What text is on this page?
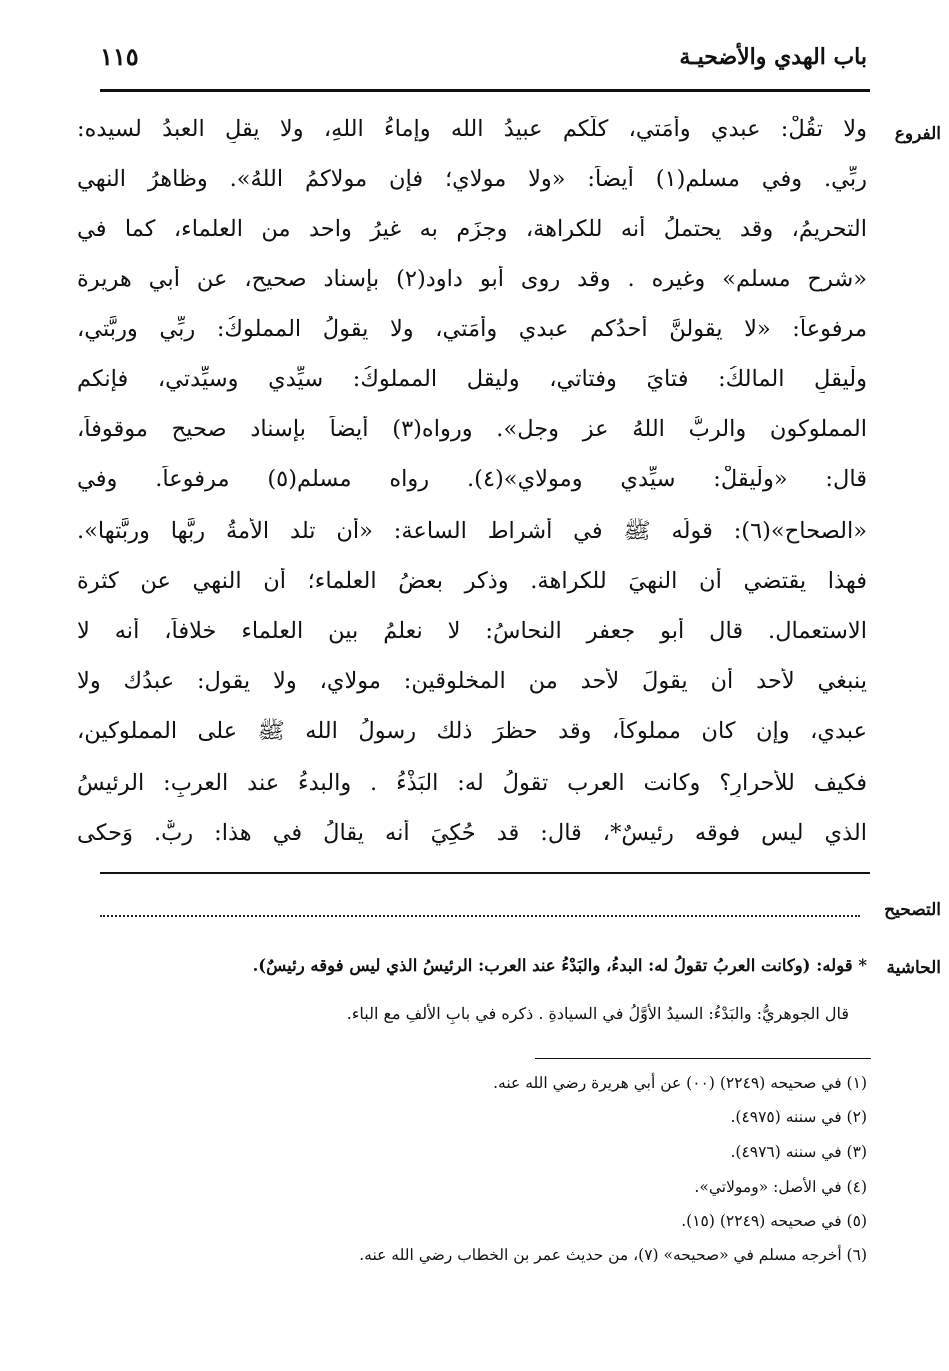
باب الهدي والأضحيـة
١١٥
الفروع
التصحيح
الحاشية
ولا تقُلْ: عبدي وأَمَتي، كلُّكم عبيدُ الله وإماءُ اللهِ، ولا يقلِ العبدُ لسيده:
ربِّي. وفي مسلمٍ(١) أيضاً: «ولا مولاي؛ فإن مولاكمُ اللهُ». وظاهرُ النهي
التحريمُ، وقد يحتملُ أنه للكراهة، وجزَم به غيرُ واحد من العلماء، كما في
«شرح مسلم» وغيره . وقد روى أبو داود(٢) بإسناد صحيح، عن أبي هريرة
مرفوعاً: «لا يقولنَّ أحدُكم عبدي وأَمَتي، ولا يقولُ المملوكُ: ربِّي وربَّتي،
ولْيقلِ المالكُ: فتايَ وفتاتي، وليقل المملوكُ: سيِّدي وسيِّدتي، فإنكم
المملوكون والربُّ اللهُ عز وجل». ورواه(٣) أيضاً بإسناد صحيح موقوفاً،
قال: «ولْيقلْ: سيِّدي ومولاي»(٤). رواه مسلم(٥) مرفوعاً. وفي
«الصحاح»(٦): قولُه ﷺ في أشراط الساعة: «أن تلد الأمةُ ربَّها وربَّتها».
فهذا يقتضي أن النهيَ للكراهة. وذكر بعضُ العلماء؛ أن النهي عن كثرة
الاستعمال. قال أبو جعفر النحاسُ: لا نعلمُ بين العلماء خلافاً، أنه لا
ينبغي لأحد أن يقولَ لأحد من المخلوقين: مولاي، ولا يقول: عبدُك ولا
عبدي، وإن كان مملوكاً، وقد حظرَ ذلك رسولُ الله ﷺ على المملوكين،
فكيف للأحرارِ؟ وكانت العرب تقولُ له: البَذْءُ . والبدءُ عند العربِ: الرئيسُ
الذي ليس فوقه رئيسٌ*، قال: قد حُكِيَ أنه يقالُ في هذا: ربٌّ. وَحكى
* قوله: (وكانت العربُ تقولُ له: البدءُ، والبَدْءُ عند العرب: الرئيسُ الذي ليس فوقه رئيسٌ).
قال الجوهريُّ: والبَدْءُ: السيدُ الأوَّلُ في السيادةِ . ذكره في بابِ الألفِ مع الباء.
(١) في صحيحه (٢٢٤٩) (٠٠) عن أبي هريرة رضي الله عنه.
(٢) في سننه (٤٩٧٥).
(٣) في سننه (٤٩٧٦).
(٤) في الأصل: «ومولاتي».
(٥) في صحيحه (٢٢٤٩) (١٥).
(٦) أخرجه مسلم في «صحيحه» (٧)، من حديث عمر بن الخطاب رضي الله عنه.
